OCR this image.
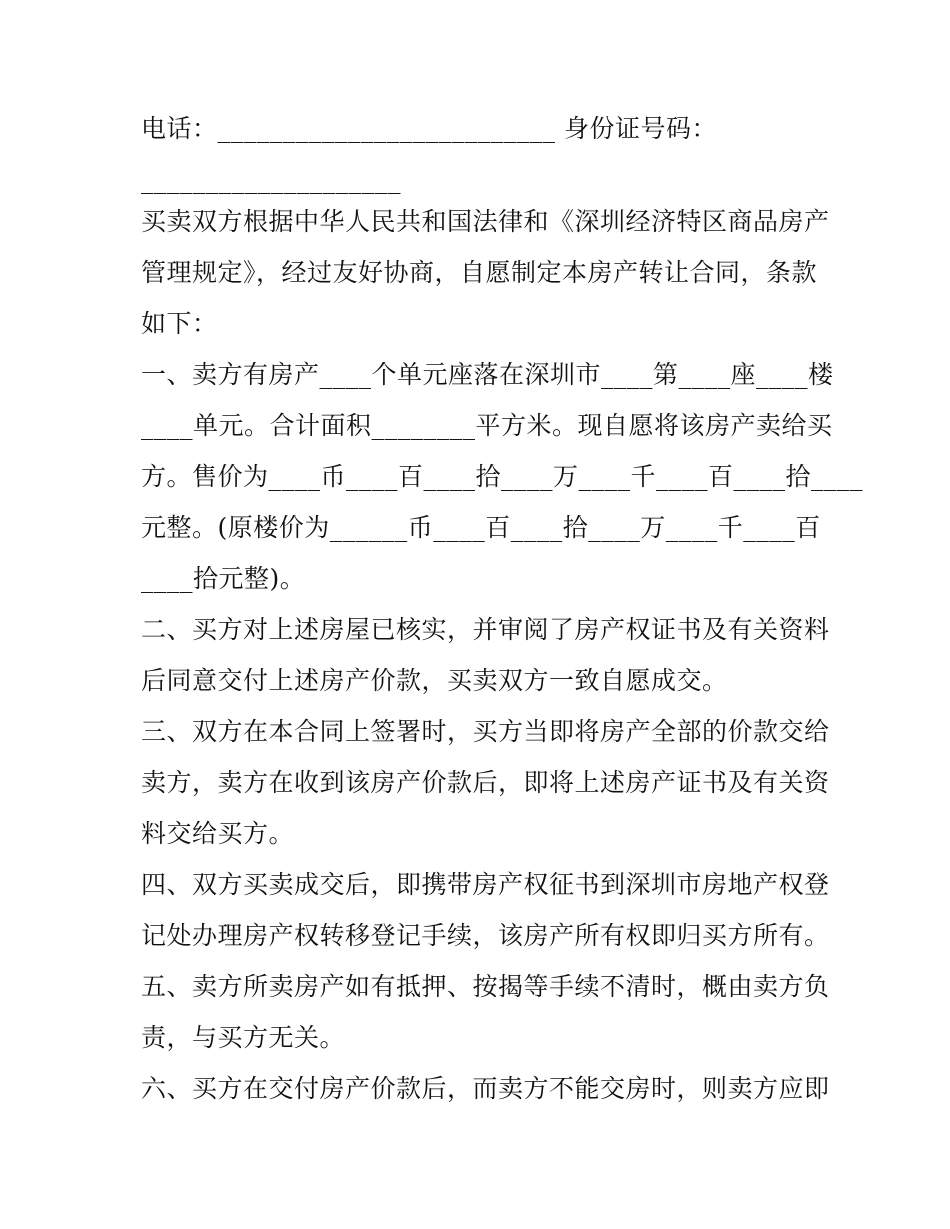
电话：__________________________ 身份证号码：
____________________
买卖双方根据中华人民共和国法律和《深圳经济特区商品房产
管理规定》，经过友好协商，自愿制定本房产转让合同，条款
如下：
一、卖方有房产____个单元座落在深圳市____第____座____楼
____单元。合计面积________平方米。现自愿将该房产卖给买
方。售价为____币____百____拾____万____千____百____拾____
元整。(原楼价为______币____百____拾____万____千____百
____拾元整)。
二、买方对上述房屋已核实，并审阅了房产权证书及有关资料
后同意交付上述房产价款，买卖双方一致自愿成交。
三、双方在本合同上签署时，买方当即将房产全部的价款交给
卖方，卖方在收到该房产价款后，即将上述房产证书及有关资
料交给买方。
四、双方买卖成交后，即携带房产权征书到深圳市房地产权登
记处办理房产权转移登记手续，该房产所有权即归买方所有。
五、卖方所卖房产如有抵押、按揭等手续不清时，概由卖方负
责，与买方无关。
六、买方在交付房产价款后，而卖方不能交房时，则卖方应即
